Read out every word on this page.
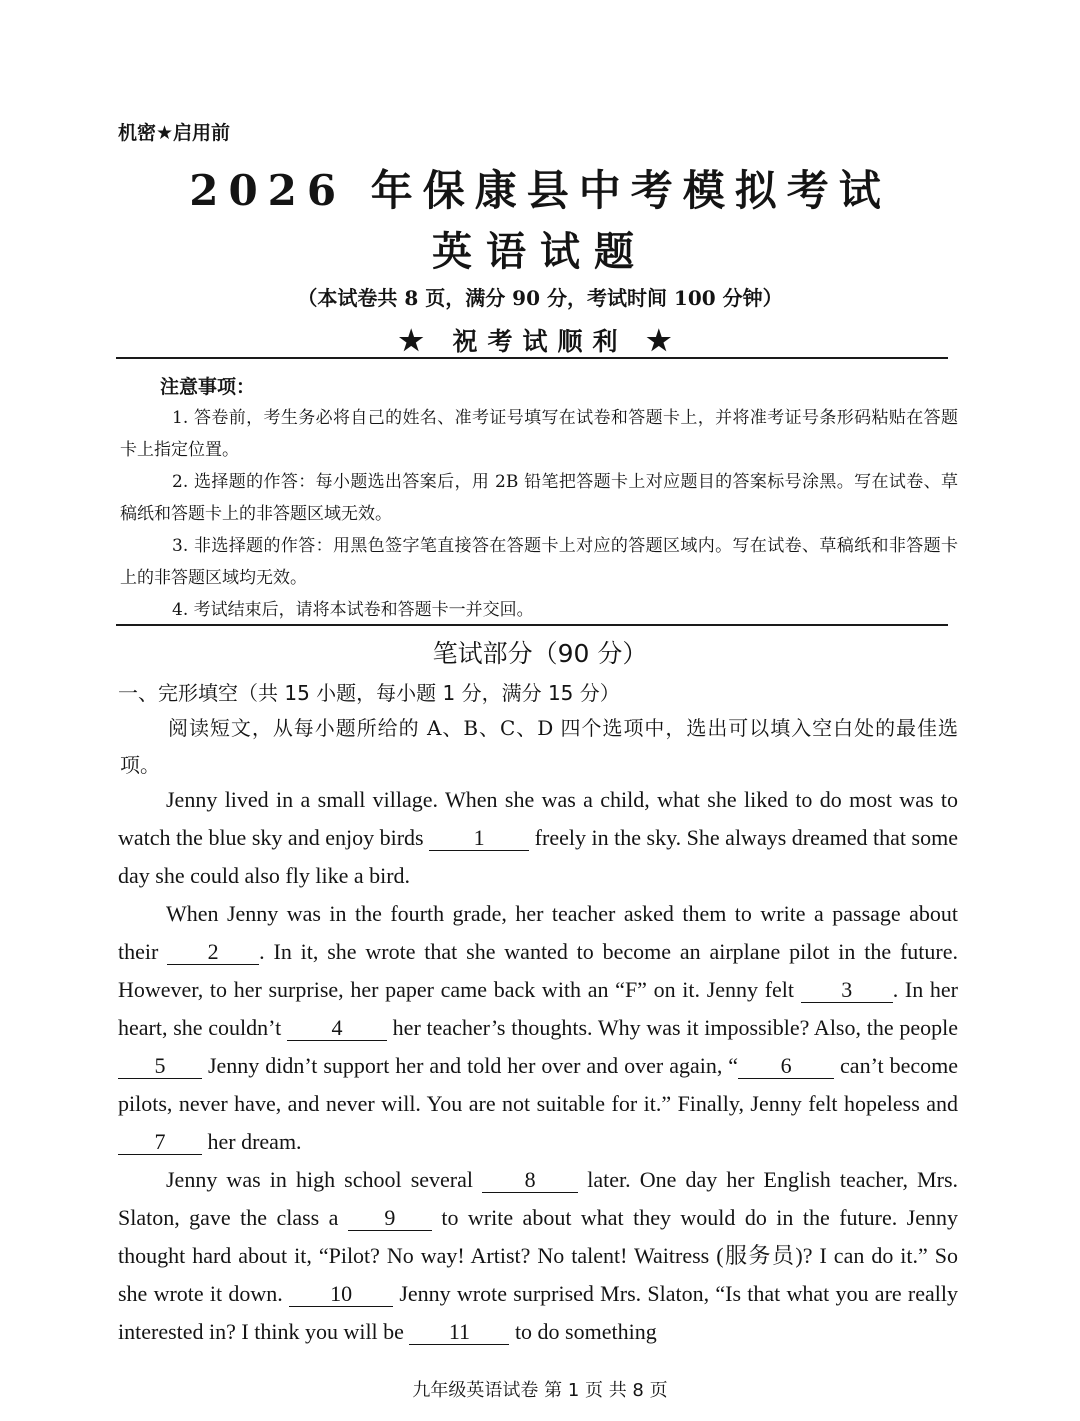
机密★启用前
2026 年保康县中考模拟考试
英语试题
（本试卷共 8 页，满分 90 分，考试时间 100 分钟）
★ 祝考试顺利 ★
注意事项：

1. 答卷前，考生务必将自己的姓名、准考证号填写在试卷和答题卡上，并将准考证号条形码粘贴在答题卡上指定位置。

2. 选择题的作答：每小题选出答案后，用 2B 铅笔把答题卡上对应题目的答案标号涂黑。写在试卷、草稿纸和答题卡上的非答题区域无效。

3. 非选择题的作答：用黑色签字笔直接答在答题卡上对应的答题区域内。写在试卷、草稿纸和非答题卡上的非答题区域均无效。

4. 考试结束后，请将本试卷和答题卡一并交回。

笔试部分（90 分）
一、完形填空（共 15 小题，每小题 1 分，满分 15 分）
阅读短文，从每小题所给的 A、B、C、D 四个选项中，选出可以填入空白处的最佳选项。

Jenny lived in a small village. When she was a child, what she liked to do most was to watch the blue sky and enjoy birds 1 freely in the sky. She always dreamed that some day she could also fly like a bird.

When Jenny was in the fourth grade, her teacher asked them to write a passage about their 2 . In it, she wrote that she wanted to become an airplane pilot in the future. However, to her surprise, her paper came back with an “F” on it. Jenny felt 3 . In her heart, she couldn’t 4 her teacher’s thoughts. Why was it impossible? Also, the people 5 Jenny didn’t support her and told her over and over again, “ 6 can’t become pilots, never have, and never will. You are not suitable for it.” Finally, Jenny felt hopeless and 7 her dream.

Jenny was in high school several 8 later. One day her English teacher, Mrs. Slaton, gave the class a 9 to write about what they would do in the future. Jenny thought hard about it, “Pilot? No way! Artist? No talent! Waitress (服务员)? I can do it.” So she wrote it down. 10 Jenny wrote surprised Mrs. Slaton, “Is that what you are really interested in? I think you will be 11 to do something

九年级英语试卷 第 1 页 共 8 页
